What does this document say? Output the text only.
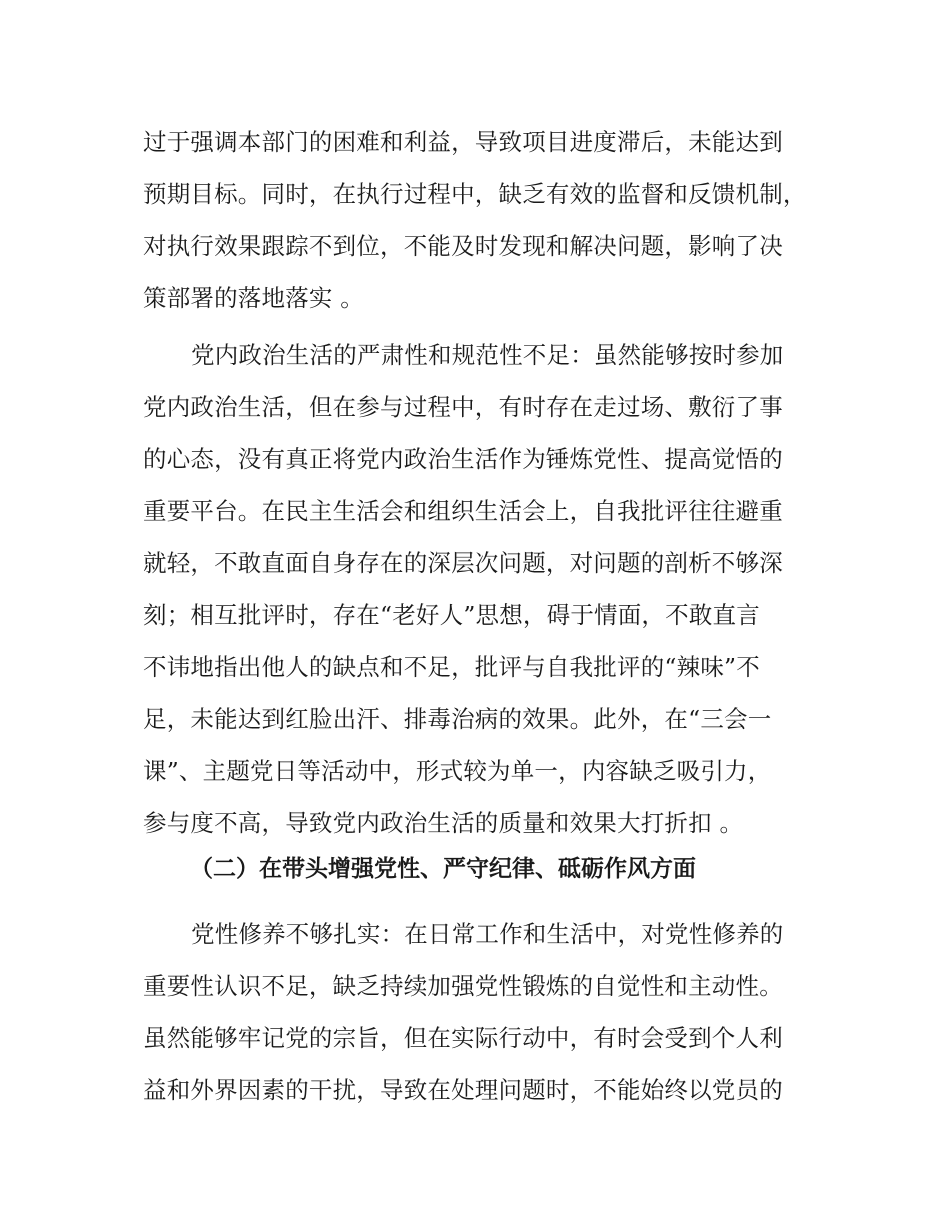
过于强调本部门的困难和利益，导致项目进度滞后，未能达到
预期目标。同时，在执行过程中，缺乏有效的监督和反馈机制，
对执行效果跟踪不到位，不能及时发现和解决问题，影响了决
策部署的落地落实 。
党内政治生活的严肃性和规范性不足：虽然能够按时参加
党内政治生活，但在参与过程中，有时存在走过场、敷衍了事
的心态，没有真正将党内政治生活作为锤炼党性、提高觉悟的
重要平台。在民主生活会和组织生活会上，自我批评往往避重
就轻，不敢直面自身存在的深层次问题，对问题的剖析不够深
刻；相互批评时，存在“老好人”思想，碍于情面，不敢直言
不讳地指出他人的缺点和不足，批评与自我批评的“辣味”不
足，未能达到红脸出汗、排毒治病的效果。此外，在“三会一
课”、主题党日等活动中，形式较为单一，内容缺乏吸引力，
参与度不高，导致党内政治生活的质量和效果大打折扣 。
（二）在带头增强党性、严守纪律、砥砺作风方面
党性修养不够扎实：在日常工作和生活中，对党性修养的
重要性认识不足，缺乏持续加强党性锻炼的自觉性和主动性。
虽然能够牢记党的宗旨，但在实际行动中，有时会受到个人利
益和外界因素的干扰，导致在处理问题时，不能始终以党员的
